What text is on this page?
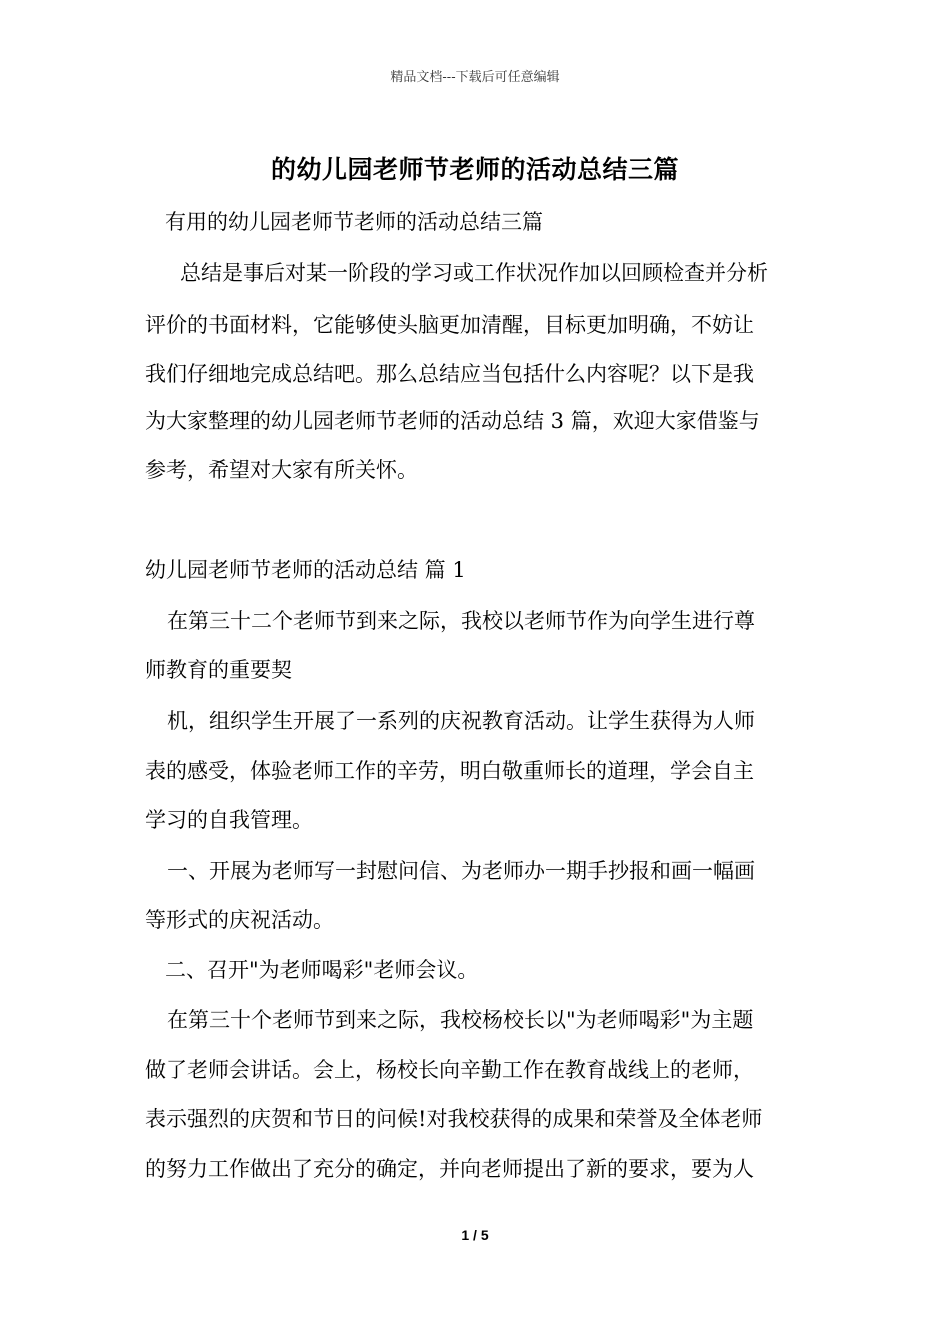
精品文档---下载后可任意编辑
的幼儿园老师节老师的活动总结三篇
有用的幼儿园老师节老师的活动总结三篇
总结是事后对某一阶段的学习或工作状况作加以回顾检查并分析
评价的书面材料，它能够使头脑更加清醒，目标更加明确，不妨让
我们仔细地完成总结吧。那么总结应当包括什么内容呢？以下是我
为大家整理的幼儿园老师节老师的活动总结 3 篇，欢迎大家借鉴与
参考，希望对大家有所关怀。
幼儿园老师节老师的活动总结 篇 1
在第三十二个老师节到来之际，我校以老师节作为向学生进行尊
师教育的重要契
机，组织学生开展了一系列的庆祝教育活动。让学生获得为人师
表的感受，体验老师工作的辛劳，明白敬重师长的道理，学会自主
学习的自我管理。
一、开展为老师写一封慰问信、为老师办一期手抄报和画一幅画
等形式的庆祝活动。
二、召开"为老师喝彩"老师会议。
在第三十个老师节到来之际，我校杨校长以"为老师喝彩"为主题
做了老师会讲话。会上，杨校长向辛勤工作在教育战线上的老师，
表示强烈的庆贺和节日的问候!对我校获得的成果和荣誉及全体老师
的努力工作做出了充分的确定，并向老师提出了新的要求，要为人
1 / 5
